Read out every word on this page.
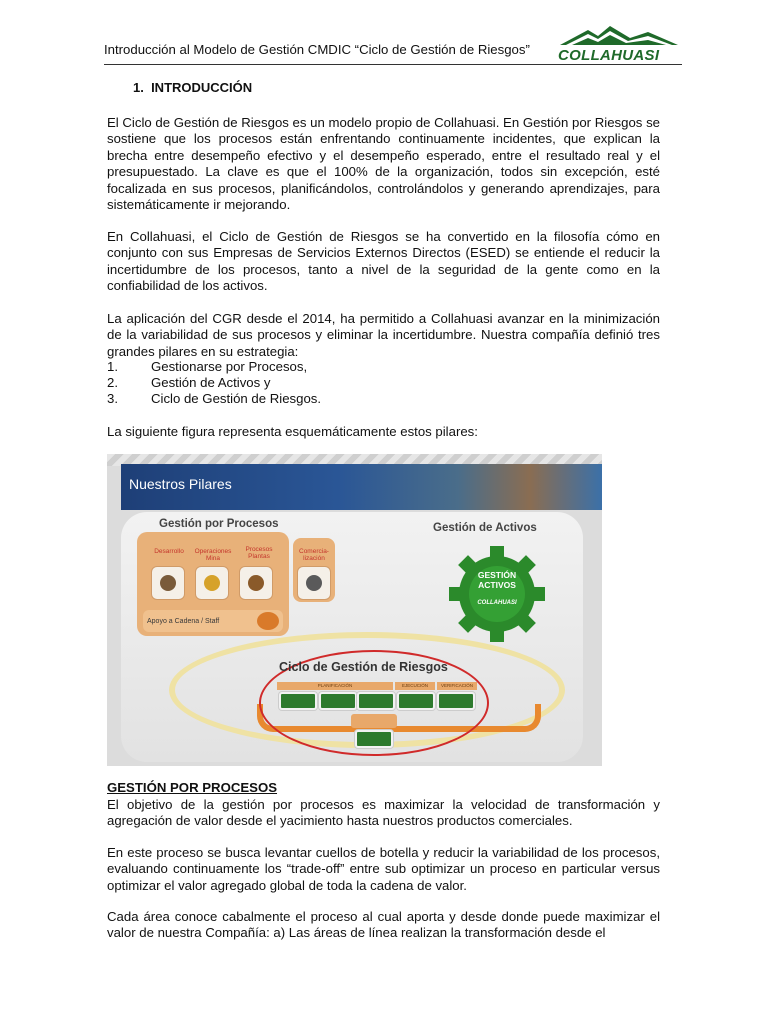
Introducción al Modelo de Gestión CMDIC “Ciclo de Gestión de Riesgos” COLLAHUASI
1.  INTRODUCCIÓN

El Ciclo de Gestión de Riesgos es un modelo propio de Collahuasi. En Gestión por Riesgos se sostiene que los procesos están enfrentando continuamente incidentes, que explican la brecha entre desempeño efectivo y el desempeño esperado, entre el resultado real y el presupuestado. La clave es que el 100% de la organización, todos sin excepción, esté focalizada en sus procesos, planificándolos, controlándolos y generando aprendizajes, para sistemáticamente ir mejorando.

En Collahuasi, el Ciclo de Gestión de Riesgos se ha convertido en la filosofía cómo en conjunto con sus Empresas de Servicios Externos Directos (ESED) se entiende el reducir la incertidumbre de los procesos, tanto a nivel de la seguridad de la gente como en la confiabilidad de los activos.

La aplicación del CGR desde el 2014, ha permitido a Collahuasi avanzar en la minimización de la variabilidad de sus procesos y eliminar la incertidumbre. Nuestra compañía definió tres grandes pilares en su estrategia:

1.	Gestionarse por Procesos,
2.	Gestión de Activos y
3.	Ciclo de Gestión de Riesgos.

La siguiente figura representa esquemáticamente estos pilares:

Nuestros Pilares
Gestión por Procesos	Gestión de Activos
Desarrollo	Operaciones Mina
Procesos Plantas
Comercia-lización
Apoyo a Cadena / Staff
GESTIÓN ACTIVOS
COLLAHUASI
Ciclo de Gestión de Riesgos
PLANIFICACIÓN	EJECUCIÓN	VERIFICACIÓN
GESTIÓN POR PROCESOS

El objetivo de la gestión por procesos es maximizar la velocidad de transformación y agregación de valor desde el yacimiento hasta nuestros productos comerciales.

En este proceso se busca levantar cuellos de botella y reducir la variabilidad de los procesos, evaluando continuamente los “trade-off” entre sub optimizar un proceso en particular versus optimizar el valor agregado global de toda la cadena de valor.

Cada área conoce cabalmente el proceso al cual aporta y desde donde puede maximizar el valor de nuestra Compañía: a) Las áreas de línea realizan la transformación desde el
